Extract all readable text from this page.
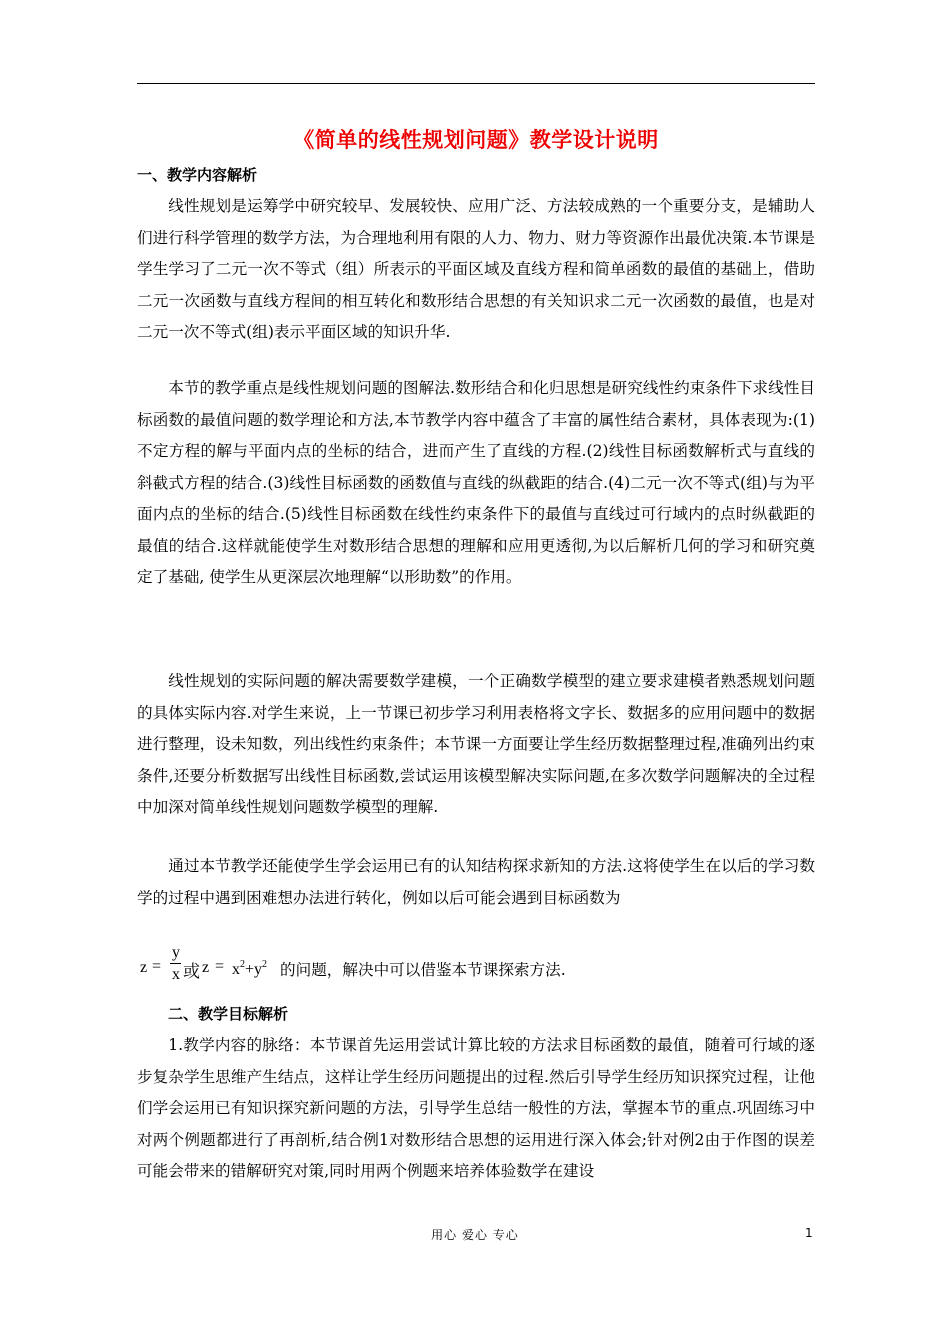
《简单的线性规划问题》教学设计说明
一、教学内容解析
线性规划是运筹学中研究较早、发展较快、应用广泛、方法较成熟的一个重要分支，是辅助人们进行科学管理的数学方法，为合理地利用有限的人力、物力、财力等资源作出最优决策.本节课是学生学习了二元一次不等式（组）所表示的平面区域及直线方程和简单函数的最值的基础上，借助二元一次函数与直线方程间的相互转化和数形结合思想的有关知识求二元一次函数的最值，也是对二元一次不等式(组)表示平面区域的知识升华.
本节的教学重点是线性规划问题的图解法.数形结合和化归思想是研究线性约束条件下求线性目标函数的最值问题的数学理论和方法,本节教学内容中蕴含了丰富的属性结合素材，具体表现为:(1)不定方程的解与平面内点的坐标的结合，进而产生了直线的方程.(2)线性目标函数解析式与直线的斜截式方程的结合.(3)线性目标函数的函数值与直线的纵截距的结合.(4)二元一次不等式(组)与为平面内点的坐标的结合.(5)线性目标函数在线性约束条件下的最值与直线过可行域内的点时纵截距的最值的结合.这样就能使学生对数形结合思想的理解和应用更透彻,为以后解析几何的学习和研究奠定了基础, 使学生从更深层次地理解“以形助数”的作用。
线性规划的实际问题的解决需要数学建模，一个正确数学模型的建立要求建模者熟悉规划问题的具体实际内容.对学生来说，上一节课已初步学习利用表格将文字长、数据多的应用问题中的数据进行整理，设未知数，列出线性约束条件；本节课一方面要让学生经历数据整理过程,准确列出约束条件,还要分析数据写出线性目标函数,尝试运用该模型解决实际问题,在多次数学问题解决的全过程中加深对简单线性规划问题数学模型的理解.
通过本节教学还能使学生学会运用已有的认知结构探求新知的方法.这将使学生在以后的学习数学的过程中遇到困难想办法进行转化，例如以后可能会遇到目标函数为
z =
y
x 或 $z = x^2+y^2$ 的问题，解决中可以借鉴本节课探索方法.
二、教学目标解析
1.教学内容的脉络：本节课首先运用尝试计算比较的方法求目标函数的最值，随着可行域的逐步复杂学生思维产生结点，这样让学生经历问题提出的过程.然后引导学生经历知识探究过程，让他们学会运用已有知识探究新问题的方法，引导学生总结一般性的方法，掌握本节的重点.巩固练习中对两个例题都进行了再剖析,结合例1对数形结合思想的运用进行深入体会;针对例2由于作图的误差可能会带来的错解研究对策,同时用两个例题来培养体验数学在建设
用心 爱心 专心	1
